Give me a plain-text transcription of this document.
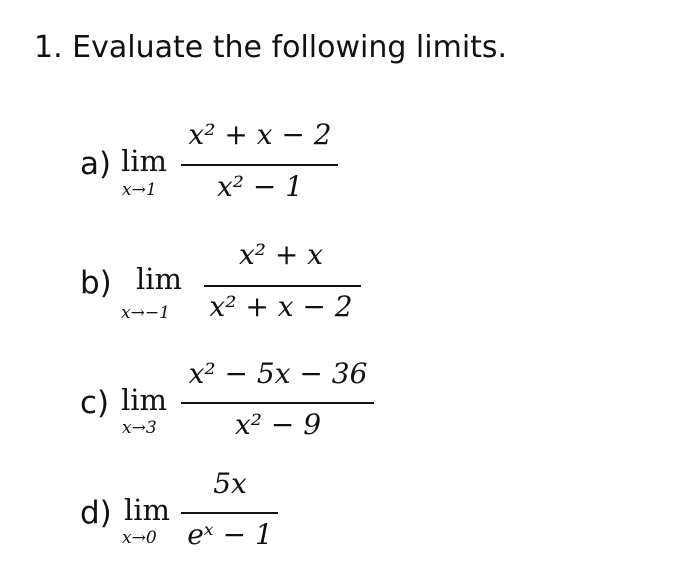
1. Evaluate the following limits.
a) lim
x→1
x² + x − 2
x² − 1
b) lim
x→−1
x² + x
x² + x − 2
c) lim
x→3
x² − 5x − 36
x² − 9
d) lim
x→0
5x
eˣ − 1
